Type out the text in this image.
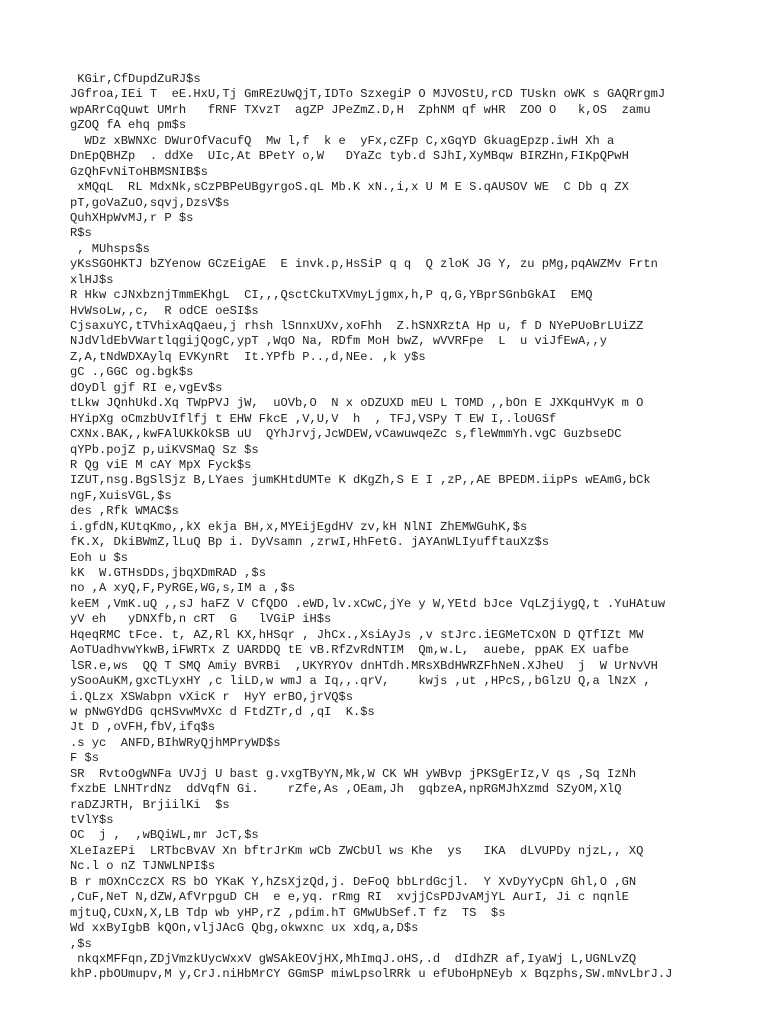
KGir,CfDupdZuRJ$s
JGfroa,IEi T  eE.HxU,Tj GmREzUwQjT,IDTo SzxegiP O MJVOStU,rCD TUskn oWK s GAQRrgmJ
wpARrCqQuwt UMrh   fRNF TXvzT  agZP JPeZmZ.D,H  ZphNM qf wHR  ZOO O   k,OS  zamu
gZOQ fA ehq pm$s
WDz xBWNXc DWurOfVacufQ  Mw l,f  k e  yFx,cZFp C,xGqYD GkuagEpzp.iwH Xh a
DnEpQBHZp  . ddXe  UIc,At BPetY o,W   DYaZc tyb.d SJhI,XyMBqw BIRZHn,FIKpQPwH
GzQhFvNiToHBMSNIB$s
xMQqL  RL MdxNk,sCzPBPeUBgyrgoS.qL Mb.K xN.,i,x U M E S.qAUSOV WE  C Db q ZX
pT,goVaZuO,sqvj,DzsV$s
QuhXHpWvMJ,r P $s
R$s
, MUhsps$s
yKsSGOHKTJ bZYenow GCzEigAE  E invk.p,HsSiP q q  Q zloK JG Y, zu pMg,pqAWZMv Frtn
xlHJ$s
R Hkw cJNxbznjTmmEKhgL  CI,,,QsctCkuTXVmyLjgmx,h,P q,G,YBprSGnbGkAI  EMQ
HvWsoLw,,c,  R odCE oeSI$s
CjsaxuYC,tTVhixAqQaeu,j rhsh lSnnxUXv,xoFhh  Z.hSNXRztA Hp u, f D NYePUoBrLUiZZ
NJdVldEbVWartlqgijQogC,ypT ,WqO Na, RDfm MoH bwZ, wVVRFpe  L  u viJfEwA,,y
Z,A,tNdWDXAylq EVKynRt  It.YPfb P..,d,NEe. ,k y$s
gC .,GGC og.bgk$s
dOyDl gjf RI e,vgEv$s
tLkw JQnhUkd.Xq TWpPVJ jW,  uOVb,O  N x oDZUXD mEU L TOMD ,,bOn E JXKquHVyK m O
HYipXg oCmzbUvIflfj t EHW FkcE ,V,U,V  h  , TFJ,VSPy T EW I,.loUGSf
CXNx.BAK,,kwFAlUKkOkSB uU  QYhJrvj,JcWDEW,vCawuwqeZc s,fleWmmYh.vgC GuzbseDC
qYPb.pojZ p,uiKVSMaQ Sz $s
R Qg viE M cAY MpX Fyck$s
IZUT,nsg.BgSlSjz B,LYaes jumKHtdUMTe K dKgZh,S E I ,zP,,AE BPEDM.iipPs wEAmG,bCk
ngF,XuisVGL,$s
des ,Rfk WMAC$s
i.gfdN,KUtqKmo,,kX ekja BH,x,MYEijEgdHV zv,kH NlNI ZhEMWGuhK,$s
fK.X, DkiBWmZ,lLuQ Bp i. DyVsamn ,zrwI,HhFetG. jAYAnWLIyufftauXz$s
Eoh u $s
kK  W.GTHsDDs,jbqXDmRAD ,$s
no ,A xyQ,F,PyRGE,WG,s,IM a ,$s
keEM ,VmK.uQ ,,sJ haFZ V CfQDO .eWD,lv.xCwC,jYe y W,YEtd bJce VqLZjiygQ,t .YuHAtuw
yV eh   yDNXfb,n cRT  G   lVGiP iH$s
HqeqRMC tFce. t, AZ,Rl KX,hHSqr , JhCx.,XsiAyJs ,v stJrc.iEGMeTCxON D QTfIZt MW
AoTUadhvwYkwB,iFWRTx Z UARDDQ tE vB.RfZvRdNTIM  Qm,w.L,  auebe, ppAK EX uafbe
lSR.e,ws  QQ T SMQ Amiy BVRBi  ,UKYRYOv dnHTdh.MRsXBdHWRZFhNeN.XJheU  j  W UrNvVH
ySooAuKM,gxcTLyxHY ,c liLD,w wmJ a Iq,,.qrV,    kwjs ,ut ,HPcS,,bGlzU Q,a lNzX ,
i.QLzx XSWabpn vXicK r  HyY erBO,jrVQ$s
w pNwGYdDG qcHSvwMvXc d FtdZTr,d ,qI  K.$s
Jt D ,oVFH,fbV,ifq$s
.s yc  ANFD,BIhWRyQjhMPryWD$s
F $s
SR  RvtoOgWNFa UVJj U bast g.vxgTByYN,Mk,W CK WH yWBvp jPKSgErIz,V qs ,Sq IzNh
fxzbE LNHTrdNz  ddVqfN Gi.    rZfe,As ,OEam,Jh  gqbzeA,npRGMJhXzmd SZyOM,XlQ
raDZJRTH, BrjiilKi  $s
tVlY$s
OC  j ,  ,wBQiWL,mr JcT,$s
XLeIazEPi  LRTbcBvAV Xn bftrJrKm wCb ZWCbUl ws Khe  ys   IKA  dLVUPDy njzL,, XQ
Nc.l o nZ TJNWLNPI$s
B r mOXnCczCX RS bO YKaK Y,hZsXjzQd,j. DeFoQ bbLrdGcjl.  Y XvDyYyCpN Ghl,O ,GN
,CuF,NeT N,dZW,AfVrpguD CH  e e,yq. rRmg RI  xvjjCsPDJvAMjYL AurI, Ji c nqnlE
mjtuQ,CUxN,X,LB Tdp wb yHP,rZ ,pdim.hT GMwUbSef.T fz  TS  $s
Wd xxByIgbB kQOn,vljJAcG Qbg,okwxnc ux xdq,a,D$s
,$s
nkqxMFFqn,ZDjVmzkUycWxxV gWSAkEOVjHX,MhImqJ.oHS,.d  dIdhZR af,IyaWj L,UGNLvZQ
khP.pbOUmupv,M y,CrJ.niHbMrCY GGmSP miwLpsolRRk u efUboHpNEyb x Bqzphs,SW.mNvLbrJ.J
